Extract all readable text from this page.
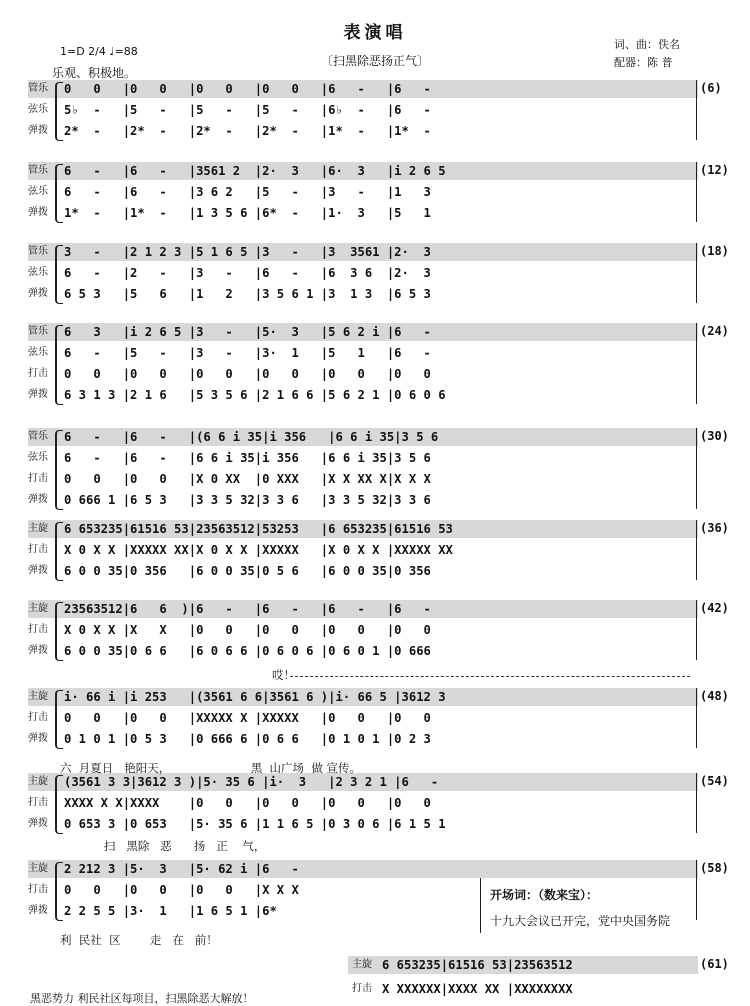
表演唱
〔扫黑除恶扬正气〕
1=D 2/4 ♩=88
乐观、积极地。
词、曲：佚名
配器：陈 普
管乐	0   0   |0   0   |0   0   |0   0   |6   -   |6   -
弦乐	5♭  -   |5   -   |5   -   |5   -   |6♭  -   |6   -
弹拨	2*  -   |2*  -   |2*  -   |2*  -   |1*  -   |1*  -
(6)
管乐	6   -   |6   -   |3561 2  |2·  3   |6·  3   |i 2 6 5
弦乐	6   -   |6   -   |3 6 2   |5   -   |3   -   |1   3
弹拨	1*  -   |1*  -   |1 3 5 6 |6*  -   |1·  3   |5   1
(12)
管乐	3   -   |2 1 2 3 |5 1 6 5 |3   -   |3  3561 |2·  3
弦乐	6   -   |2   -   |3   -   |6   -   |6  3 6  |2·  3
弹拨	6 5 3   |5   6   |1   2   |3 5 6 1 |3  1 3  |6 5 3
(18)
管乐	6   3   |i 2 6 5 |3   -   |5·  3   |5 6 2 i |6   -
弦乐	6   -   |5   -   |3   -   |3·  1   |5   1   |6   -
打击	0   0   |0   0   |0   0   |0   0   |0   0   |0   0
弹拨	6 3 1 3 |2 1 6   |5 3 5 6 |2 1 6 6 |5 6 2 1 |0 6 0 6
(24)
管乐	6   -   |6   -   |(6 6 i 35|i 356   |6 6 i 35|3 5 6
弦乐	6   -   |6   -   |6 6 i 35|i 356   |6 6 i 35|3 5 6
打击	0   0   |0   0   |X 0 XX  |0 XXX   |X X XX X|X X X
弹拨	0 666 1 |6 5 3   |3 3 5 32|3 3 6   |3 3 5 32|3 3 6
(30)
主旋	6 653235|61516 53|23563512|53253   |6 653235|61516 53
打击	X 0 X X |XXXXX XX|X 0 X X |XXXXX   |X 0 X X |XXXXX XX
弹拨	6 0 0 35|0 356   |6 0 0 35|0 5 6   |6 0 0 35|0 356
(36)
主旋	23563512|6   6  )|6   -   |6   -   |6   -   |6   -
打击	X 0 X X |X   X   |0   0   |0   0   |0   0   |0   0
弹拨	6 0 0 35|0 6 6   |6 0 6 6 |0 6 0 6 |0 6 0 1 |0 666
(42)
主旋	i· 66 i |i 253   |(3561 6 6|3561 6 )|i· 66 5 |3612 3
打击	0   0   |0   0   |XXXXX X |XXXXX   |0   0   |0   0
弹拨	0 1 0 1 |0 5 3   |0 666 6 |0 6 6   |0 1 0 1 |0 2 3
(48)
主旋	(3561 3 3|3612 3 )|5· 35 6 |i·  3   |2 3 2 1 |6   -
打击	XXXX X X|XXXX    |0   0   |0   0   |0   0   |0   0
弹拨	0 653 3 |0 653   |5· 35 6 |1 1 6 5 |0 3 0 6 |6 1 5 1
(54)
主旋	2 212 3 |5·  3   |5· 62 i |6   -
打击	0   0   |0   0   |0   0   |X X X
弹拨	2 2 5 5 |3·  1   |1 6 5 1 |6*
(58)
哎！
六  月夏日   艳阳天，                      黑  山广场  做 宣传。
扫   黑除   恶      扬   正    气，
利  民社  区        走   在   前！
开场词：（数来宝）：
十九大会议已开完，党中央国务院
主旋 6 653235|61516 53|23563512	(61)
打击 X XXXXXX|XXXX XX |XXXXXXXX
黑恶势力 利民社区每项目，扫黑除恶大解放！
